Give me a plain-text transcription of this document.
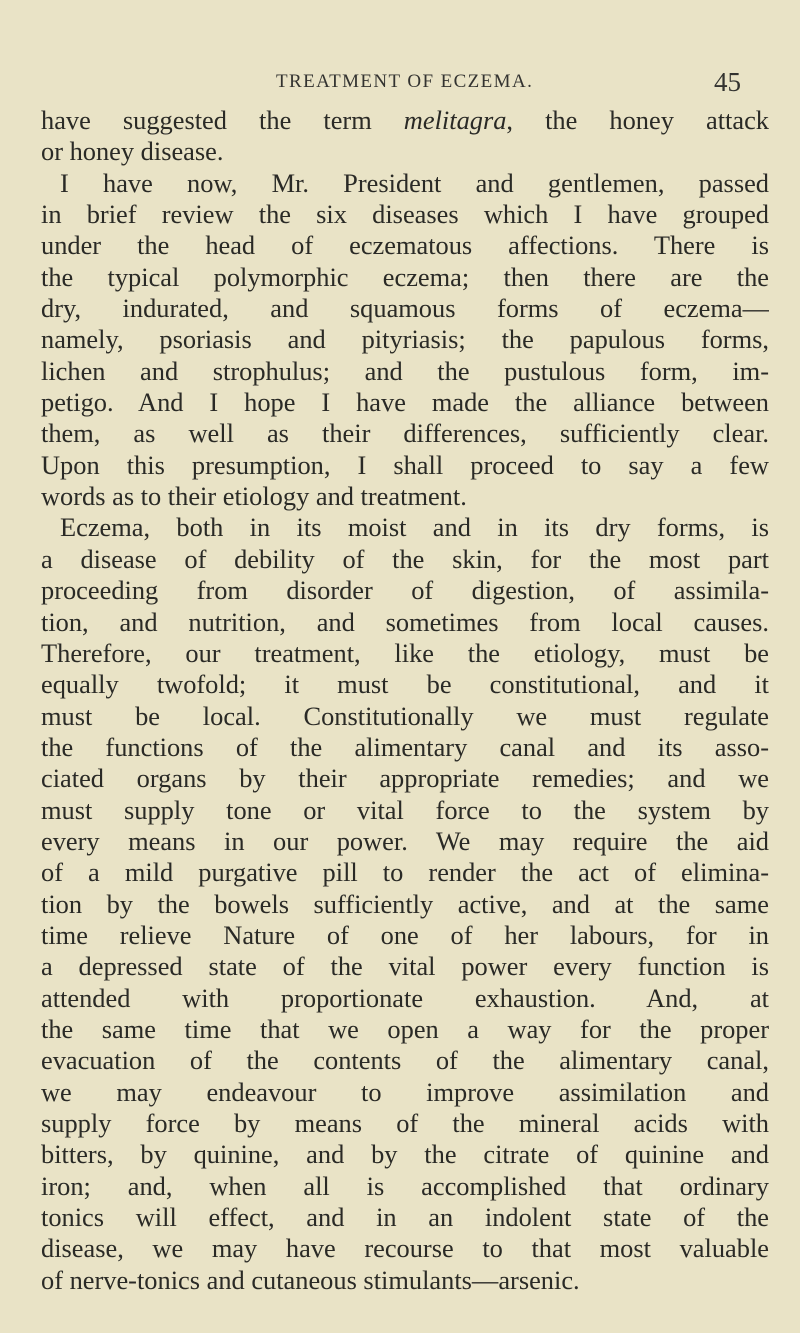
TREATMENT OF ECZEMA.	45
have suggested the term melitagra, the honey attack
or honey disease.
I have now, Mr. President and gentlemen, passed
in brief review the six diseases which I have grouped
under the head of eczematous affections. There is
the typical polymorphic eczema; then there are the
dry, indurated, and squamous forms of eczema—
namely, psoriasis and pityriasis; the papulous forms,
lichen and strophulus; and the pustulous form, im-
petigo. And I hope I have made the alliance between
them, as well as their differences, sufficiently clear.
Upon this presumption, I shall proceed to say a few
words as to their etiology and treatment.
Eczema, both in its moist and in its dry forms, is
a disease of debility of the skin, for the most part
proceeding from disorder of digestion, of assimila-
tion, and nutrition, and sometimes from local causes.
Therefore, our treatment, like the etiology, must be
equally twofold; it must be constitutional, and it
must be local. Constitutionally we must regulate
the functions of the alimentary canal and its asso-
ciated organs by their appropriate remedies; and we
must supply tone or vital force to the system by
every means in our power. We may require the aid
of a mild purgative pill to render the act of elimina-
tion by the bowels sufficiently active, and at the same
time relieve Nature of one of her labours, for in
a depressed state of the vital power every function is
attended with proportionate exhaustion. And, at
the same time that we open a way for the proper
evacuation of the contents of the alimentary canal,
we may endeavour to improve assimilation and
supply force by means of the mineral acids with
bitters, by quinine, and by the citrate of quinine and
iron; and, when all is accomplished that ordinary
tonics will effect, and in an indolent state of the
disease, we may have recourse to that most valuable
of nerve-tonics and cutaneous stimulants—arsenic.
